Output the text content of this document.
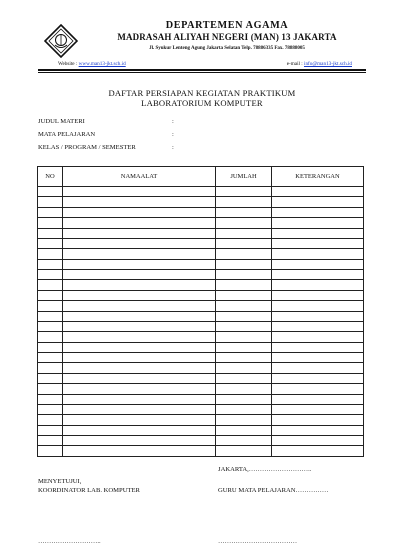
DEPARTEMEN AGAMA
MADRASAH ALIYAH NEGERI (MAN) 13 JAKARTA
Jl. Syukur Lenteng Agung Jakarta Selatan Telp. 78886335 Fax. 78888005
Website : www.man13-jkt.sch.id	e-mail : info@man13-jkt.sch.id
DAFTAR PERSIAPAN KEGIATAN PRAKTIKUM
LABORATORIUM KOMPUTER
JUDUL MATERI	:
MATA PELAJARAN	:
KELAS / PROGRAM / SEMESTER	:
NO	NAMAALAT	JUMLAH	KETERANGAN

JAKARTA,………………………..
MENYETUJUI,
KOORDINATOR LAB. KOMPUTER	GURU MATA PELAJARAN……………
………………………..	………………………………
